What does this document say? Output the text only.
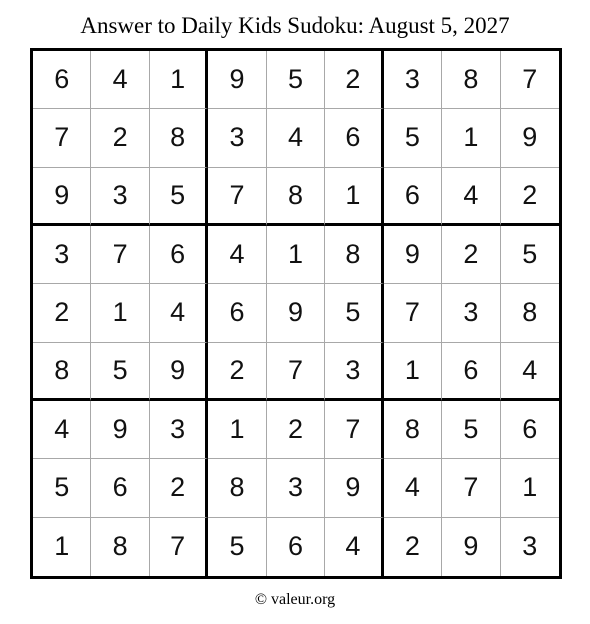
Answer to Daily Kids Sudoku: August 5, 2027
6	4	1	9	5	2	3	8	7
7	2	8	3	4	6	5	1	9
9	3	5	7	8	1	6	4	2
3	7	6	4	1	8	9	2	5
2	1	4	6	9	5	7	3	8
8	5	9	2	7	3	1	6	4
4	9	3	1	2	7	8	5	6
5	6	2	8	3	9	4	7	1
1	8	7	5	6	4	2	9	3
© valeur.org
